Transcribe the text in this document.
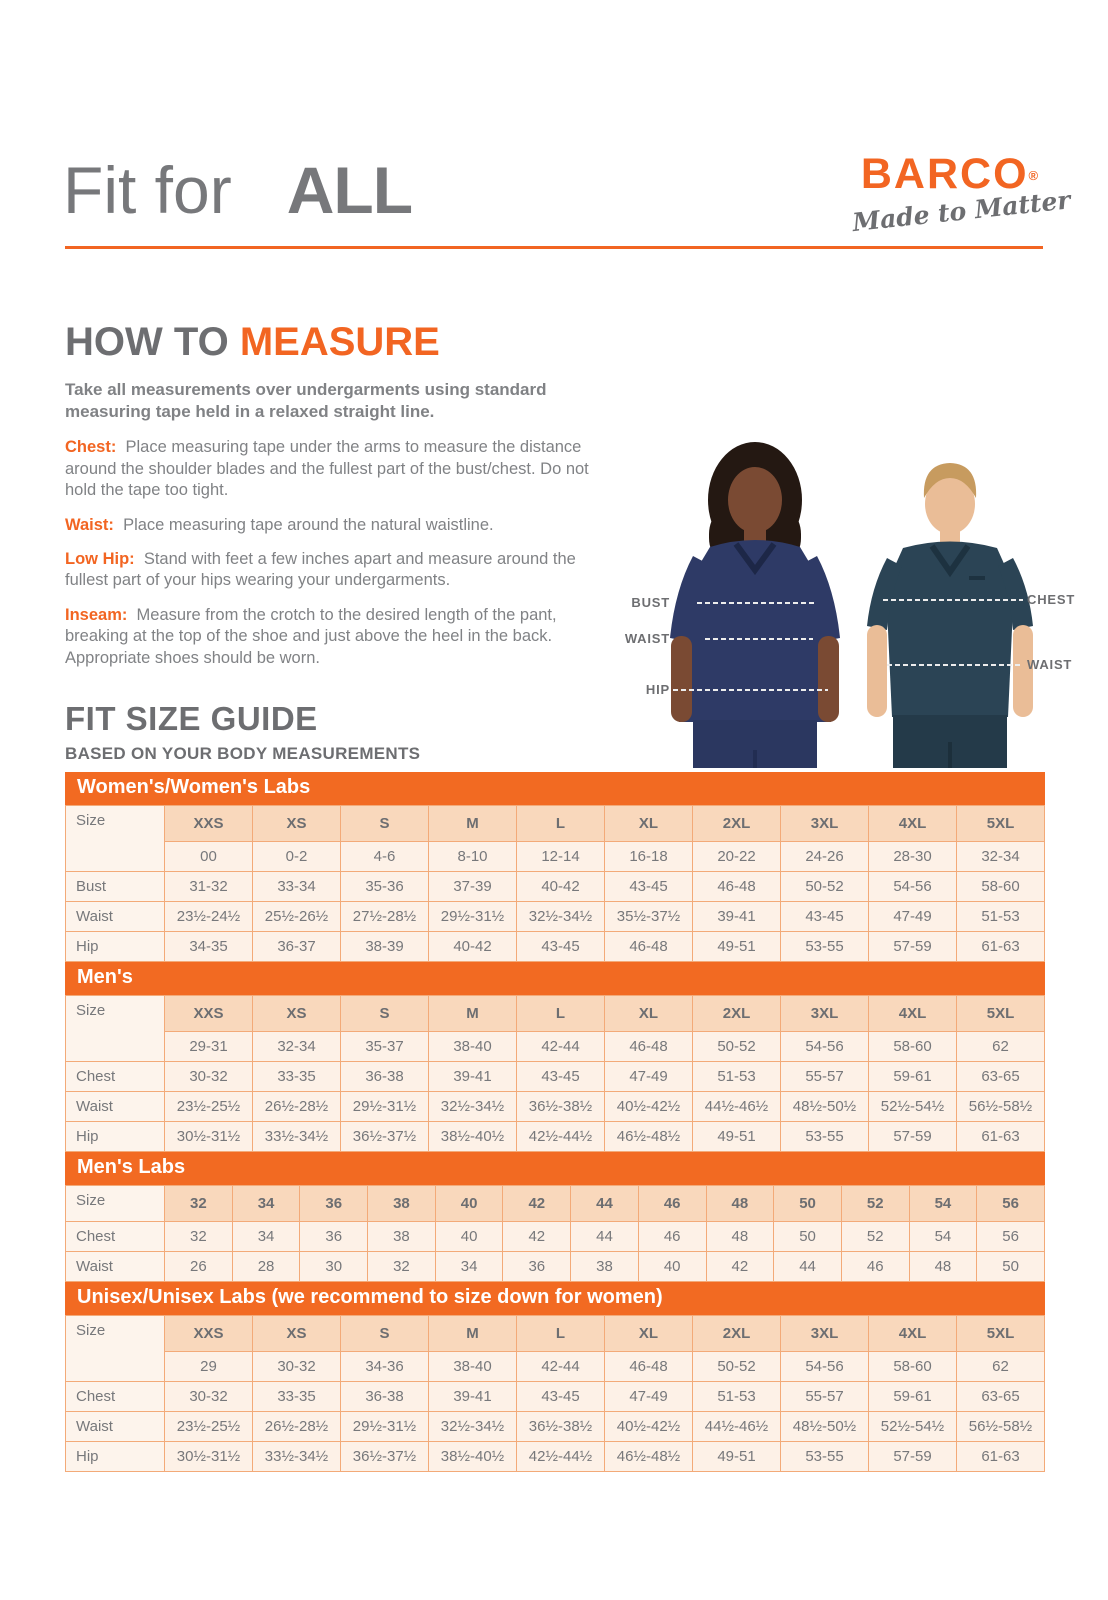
Fit for ALL	BARCO®
Made to Matter
HOW TO MEASURE

Take all measurements over undergarments using standard measuring tape held in a relaxed straight line.

Chest: Place measuring tape under the arms to measure the distance around the shoulder blades and the fullest part of the bust/chest. Do not hold the tape too tight.

Waist: Place measuring tape around the natural waistline.

Low Hip: Stand with feet a few inches apart and measure around the fullest part of your hips wearing your undergarments.

Inseam: Measure from the crotch to the desired length of the pant, breaking at the top of the shoe and just above the heel in the back. Appropriate shoes should be worn.

BUST
WAIST
HIP
CHEST
WAIST
FIT SIZE GUIDE
BASED ON YOUR BODY MEASUREMENTS
Women's/Women's Labs
Size	XXS	XS	S	M	L	XL	2XL	3XL	4XL	5XL
	00	0-2	4-6	8-10	12-14	16-18	20-22	24-26	28-30	32-34
Bust	31-32	33-34	35-36	37-39	40-42	43-45	46-48	50-52	54-56	58-60
Waist	23½-24½	25½-26½	27½-28½	29½-31½	32½-34½	35½-37½	39-41	43-45	47-49	51-53
Hip	34-35	36-37	38-39	40-42	43-45	46-48	49-51	53-55	57-59	61-63
Men's
Size	XXS	XS	S	M	L	XL	2XL	3XL	4XL	5XL
	29-31	32-34	35-37	38-40	42-44	46-48	50-52	54-56	58-60	62
Chest	30-32	33-35	36-38	39-41	43-45	47-49	51-53	55-57	59-61	63-65
Waist	23½-25½	26½-28½	29½-31½	32½-34½	36½-38½	40½-42½	44½-46½	48½-50½	52½-54½	56½-58½
Hip	30½-31½	33½-34½	36½-37½	38½-40½	42½-44½	46½-48½	49-51	53-55	57-59	61-63
Men's Labs
Size	32	34	36	38	40	42	44	46	48	50	52	54	56
Chest	32	34	36	38	40	42	44	46	48	50	52	54	56
Waist	26	28	30	32	34	36	38	40	42	44	46	48	50
Unisex/Unisex Labs (we recommend to size down for women)
Size	XXS	XS	S	M	L	XL	2XL	3XL	4XL	5XL
	29	30-32	34-36	38-40	42-44	46-48	50-52	54-56	58-60	62
Chest	30-32	33-35	36-38	39-41	43-45	47-49	51-53	55-57	59-61	63-65
Waist	23½-25½	26½-28½	29½-31½	32½-34½	36½-38½	40½-42½	44½-46½	48½-50½	52½-54½	56½-58½
Hip	30½-31½	33½-34½	36½-37½	38½-40½	42½-44½	46½-48½	49-51	53-55	57-59	61-63
